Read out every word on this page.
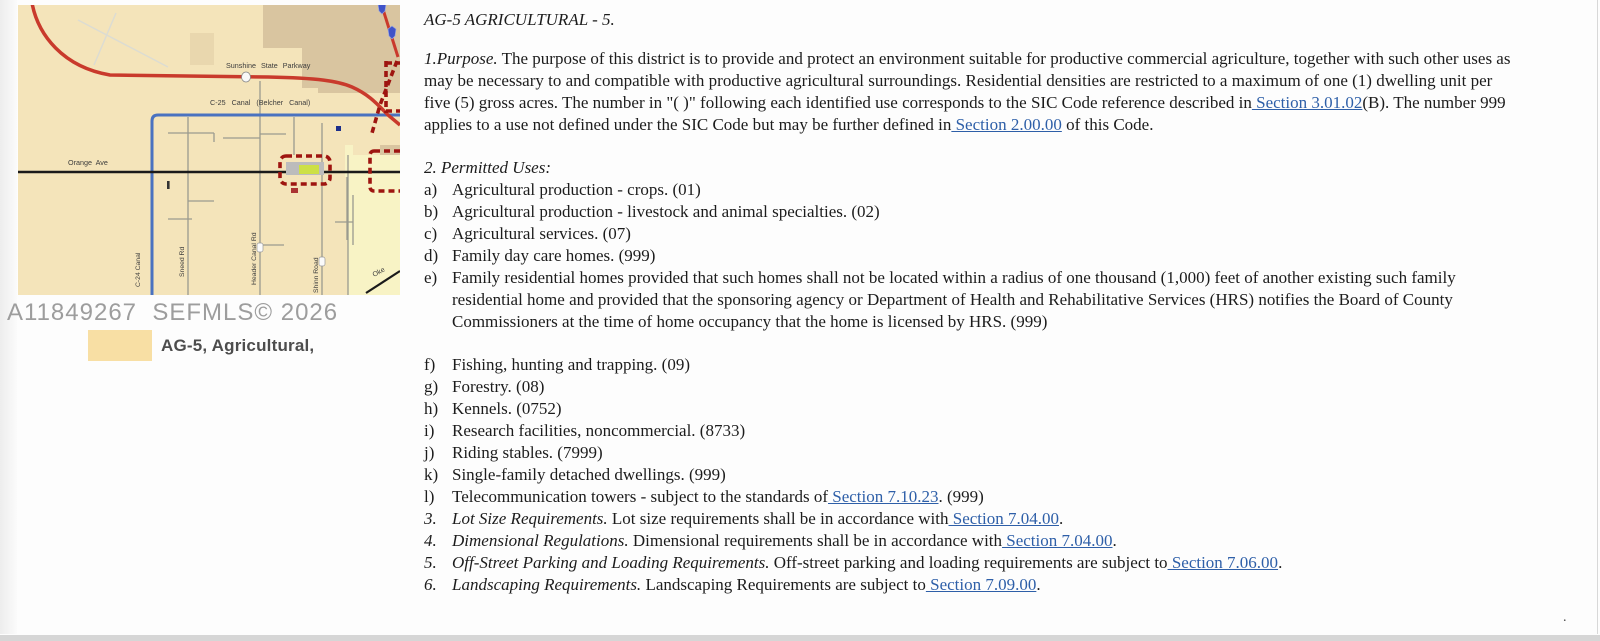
Sunshine State Parkway
C-25 Canal (Belcher Canal)
Orange Ave
C-24 Canal	Sneed Rd	Header Canal Rd	Shinn Road	Oke
A11849267  SEFMLS© 2026
AG-5, Agricultural,
AG-5 AGRICULTURAL - 5.
1.Purpose. The purpose of this district is to provide and protect an environment suitable for productive commercial agriculture, together with such other uses as may be necessary to and compatible with productive agricultural surroundings. Residential densities are restricted to a maximum of one (1) dwelling unit per five (5) gross acres. The number in "( )" following each identified use corresponds to the SIC Code reference described in Section 3.01.02(B). The number 999 applies to a use not defined under the SIC Code but may be further defined in Section 2.00.00 of this Code.
2. Permitted Uses:
a) Agricultural production - crops. (01)
b) Agricultural production - livestock and animal specialties. (02)
c) Agricultural services. (07)
d) Family day care homes. (999)
e) Family residential homes provided that such homes shall not be located within a radius of one thousand (1,000) feet of another existing such family residential home and provided that the sponsoring agency or Department of Health and Rehabilitative Services (HRS) notifies the Board of County Commissioners at the time of home occupancy that the home is licensed by HRS. (999)
f) Fishing, hunting and trapping. (09)
g) Forestry. (08)
h) Kennels. (0752)
i)	Research facilities, noncommercial. (8733)
j)	Riding stables. (7999)
k) Single-family detached dwellings. (999)
l)	Telecommunication towers - subject to the standards of Section 7.10.23. (999)
3. Lot Size Requirements. Lot size requirements shall be in accordance with Section 7.04.00.
4. Dimensional Regulations. Dimensional requirements shall be in accordance with Section 7.04.00.
5. Off-Street Parking and Loading Requirements. Off-street parking and loading requirements are subject to Section 7.06.00.
6. Landscaping Requirements. Landscaping Requirements are subject to Section 7.09.00.
.
